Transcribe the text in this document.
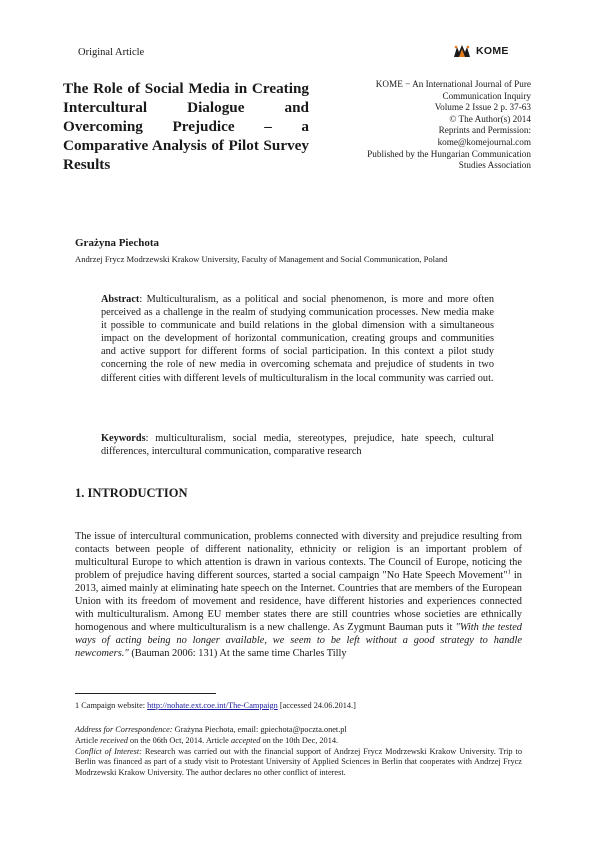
Original Article	KOME
The Role of Social Media in Creating Intercultural Dialogue and Overcoming Prejudice – a Comparative Analysis of Pilot Survey Results
KOME − An International Journal of Pure
Communication Inquiry
Volume 2 Issue 2 p. 37-63
© The Author(s) 2014
Reprints and Permission:
kome@komejournal.com
Published by the Hungarian Communication
Studies Association
Grażyna Piechota
Andrzej Frycz Modrzewski Krakow University, Faculty of Management and Social Communication, Poland

Abstract: Multiculturalism, as a political and social phenomenon, is more and more often perceived as a challenge in the realm of studying communication processes. New media make it possible to communicate and build relations in the global dimension with a simultaneous impact on the development of horizontal communication, creating groups and communities and active support for different forms of social participation. In this context a pilot study concerning the role of new media in overcoming schemata and prejudice of students in two different cities with different levels of multiculturalism in the local community was carried out.

Keywords: multiculturalism, social media, stereotypes, prejudice, hate speech, cultural differences, intercultural communication, comparative research

1. INTRODUCTION

The issue of intercultural communication, problems connected with diversity and prejudice resulting from contacts between people of different nationality, ethnicity or religion is an important problem of multicultural Europe to which attention is drawn in various contexts. The Council of Europe, noticing the problem of prejudice having different sources, started a social campaign "No Hate Speech Movement"$^1$ in 2013, aimed mainly at eliminating hate speech on the Internet. Countries that are members of the European Union with its freedom of movement and residence, have different histories and experiences connected with multiculturalism. Among EU member states there are still countries whose societies are ethnically homogenous and where multiculturalism is a new challenge. As Zygmunt Bauman puts it "With the tested ways of acting being no longer available, we seem to be left without a good strategy to handle newcomers." (Bauman 2006: 131) At the same time Charles Tilly

1 Campaign website: http://nohate.ext.coe.int/The-Campaign [accessed 24.06.2014.]

Address for Correspondence: Grażyna Piechota, email: gpiechota@poczta.onet.pl

Article received on the 06th Oct, 2014. Article accepted on the 10th Dec, 2014.

Conflict of Interest: Research was carried out with the financial support of Andrzej Frycz Modrzewski Krakow University. Trip to Berlin was financed as part of a study visit to Protestant University of Applied Sciences in Berlin that cooperates with Andrzej Frycz Modrzewski Krakow University. The author declares no other conflict of interest.
